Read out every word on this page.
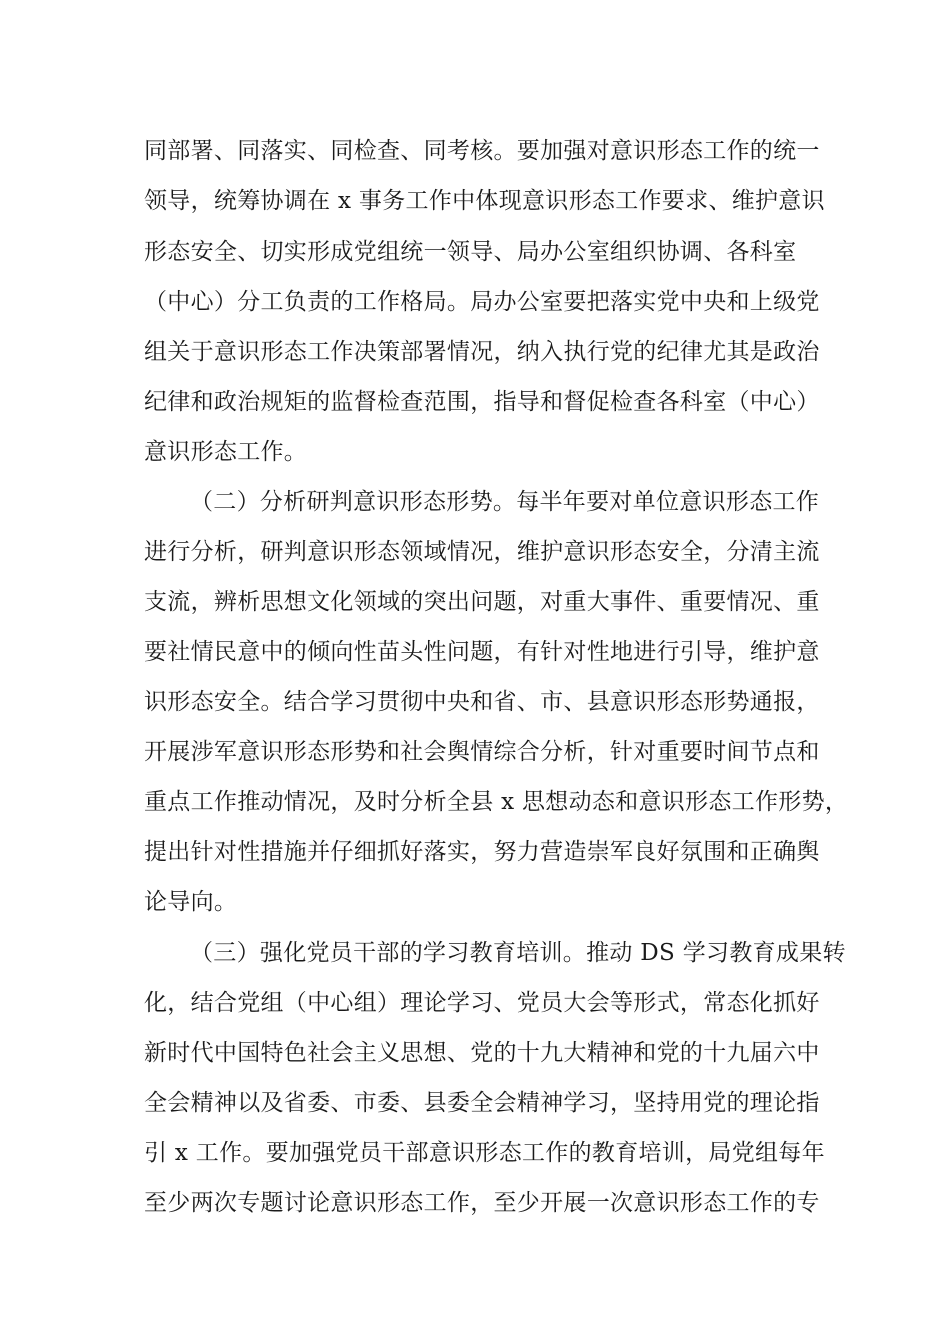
同部署、同落实、同检查、同考核。要加强对意识形态工作的统一
领导，统筹协调在 x 事务工作中体现意识形态工作要求、维护意识
形态安全、切实形成党组统一领导、局办公室组织协调、各科室
（中心）分工负责的工作格局。局办公室要把落实党中央和上级党
组关于意识形态工作决策部署情况，纳入执行党的纪律尤其是政治
纪律和政治规矩的监督检查范围，指导和督促检查各科室（中心）
意识形态工作。
（二）分析研判意识形态形势。每半年要对单位意识形态工作
进行分析，研判意识形态领域情况，维护意识形态安全，分清主流
支流，辨析思想文化领域的突出问题，对重大事件、重要情况、重
要社情民意中的倾向性苗头性问题，有针对性地进行引导，维护意
识形态安全。结合学习贯彻中央和省、市、县意识形态形势通报，
开展涉军意识形态形势和社会舆情综合分析，针对重要时间节点和
重点工作推动情况，及时分析全县 x 思想动态和意识形态工作形势，
提出针对性措施并仔细抓好落实，努力营造崇军良好氛围和正确舆
论导向。
（三）强化党员干部的学习教育培训。推动 DS 学习教育成果转
化，结合党组（中心组）理论学习、党员大会等形式，常态化抓好
新时代中国特色社会主义思想、党的十九大精神和党的十九届六中
全会精神以及省委、市委、县委全会精神学习，坚持用党的理论指
引 x 工作。要加强党员干部意识形态工作的教育培训，局党组每年
至少两次专题讨论意识形态工作，至少开展一次意识形态工作的专
